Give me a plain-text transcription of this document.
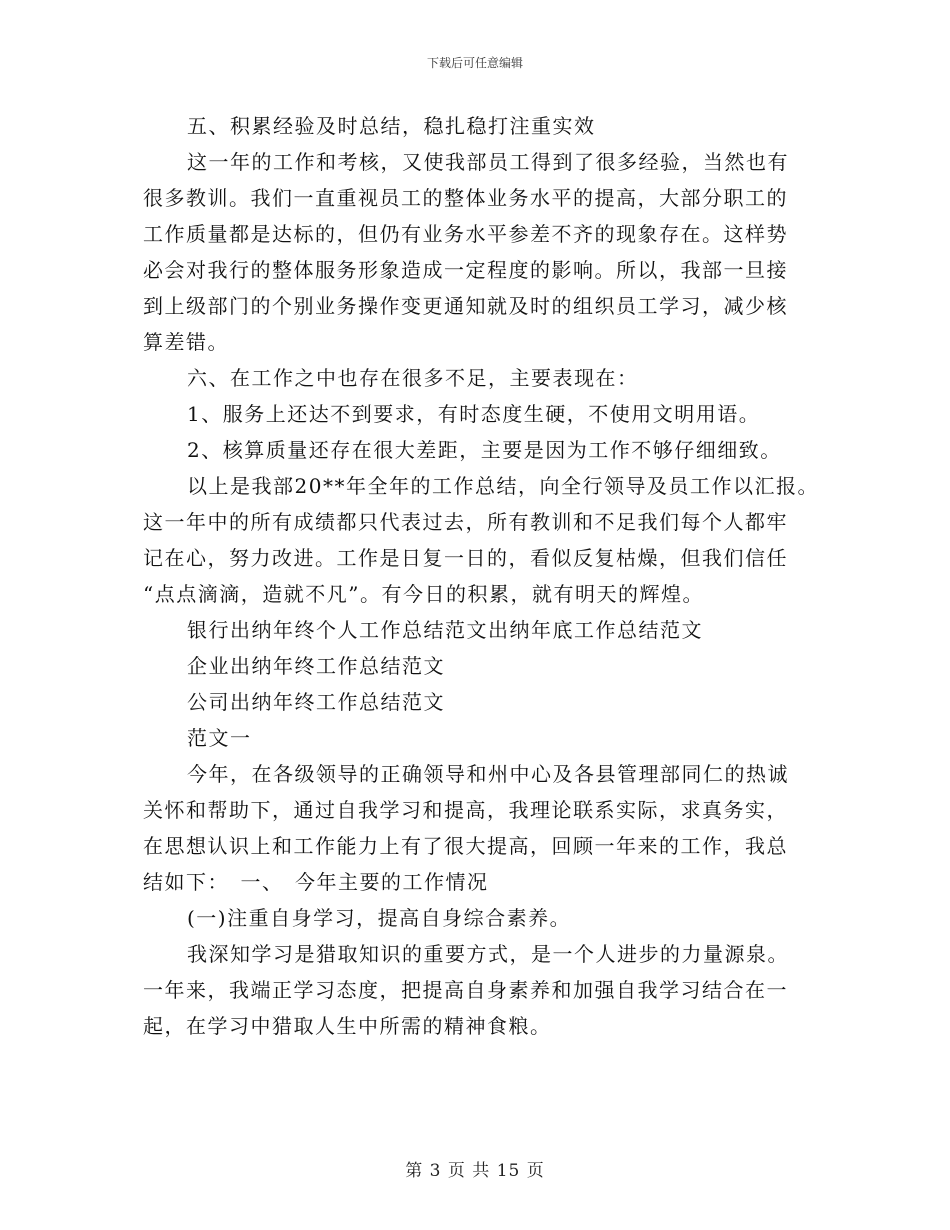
下载后可任意编辑
五、积累经验及时总结，稳扎稳打注重实效
这一年的工作和考核，又使我部员工得到了很多经验，当然也有
很多教训。我们一直重视员工的整体业务水平的提高，大部分职工的
工作质量都是达标的，但仍有业务水平参差不齐的现象存在。这样势
必会对我行的整体服务形象造成一定程度的影响。所以，我部一旦接
到上级部门的个别业务操作变更通知就及时的组织员工学习，减少核
算差错。
六、在工作之中也存在很多不足，主要表现在：
1、服务上还达不到要求，有时态度生硬，不使用文明用语。
2、核算质量还存在很大差距，主要是因为工作不够仔细细致。
以上是我部20**年全年的工作总结，向全行领导及员工作以汇报。
这一年中的所有成绩都只代表过去，所有教训和不足我们每个人都牢
记在心，努力改进。工作是日复一日的，看似反复枯燥，但我们信任
“点点滴滴，造就不凡”。有今日的积累，就有明天的辉煌。
银行出纳年终个人工作总结范文出纳年底工作总结范文
企业出纳年终工作总结范文
公司出纳年终工作总结范文
范文一
今年，在各级领导的正确领导和州中心及各县管理部同仁的热诚
关怀和帮助下，通过自我学习和提高，我理论联系实际，求真务实，
在思想认识上和工作能力上有了很大提高，回顾一年来的工作，我总
结如下：　一、　今年主要的工作情况
(一)注重自身学习，提高自身综合素养。
我深知学习是猎取知识的重要方式，是一个人进步的力量源泉。
一年来，我端正学习态度，把提高自身素养和加强自我学习结合在一
起，在学习中猎取人生中所需的精神食粮。
第 3 页 共 15 页
